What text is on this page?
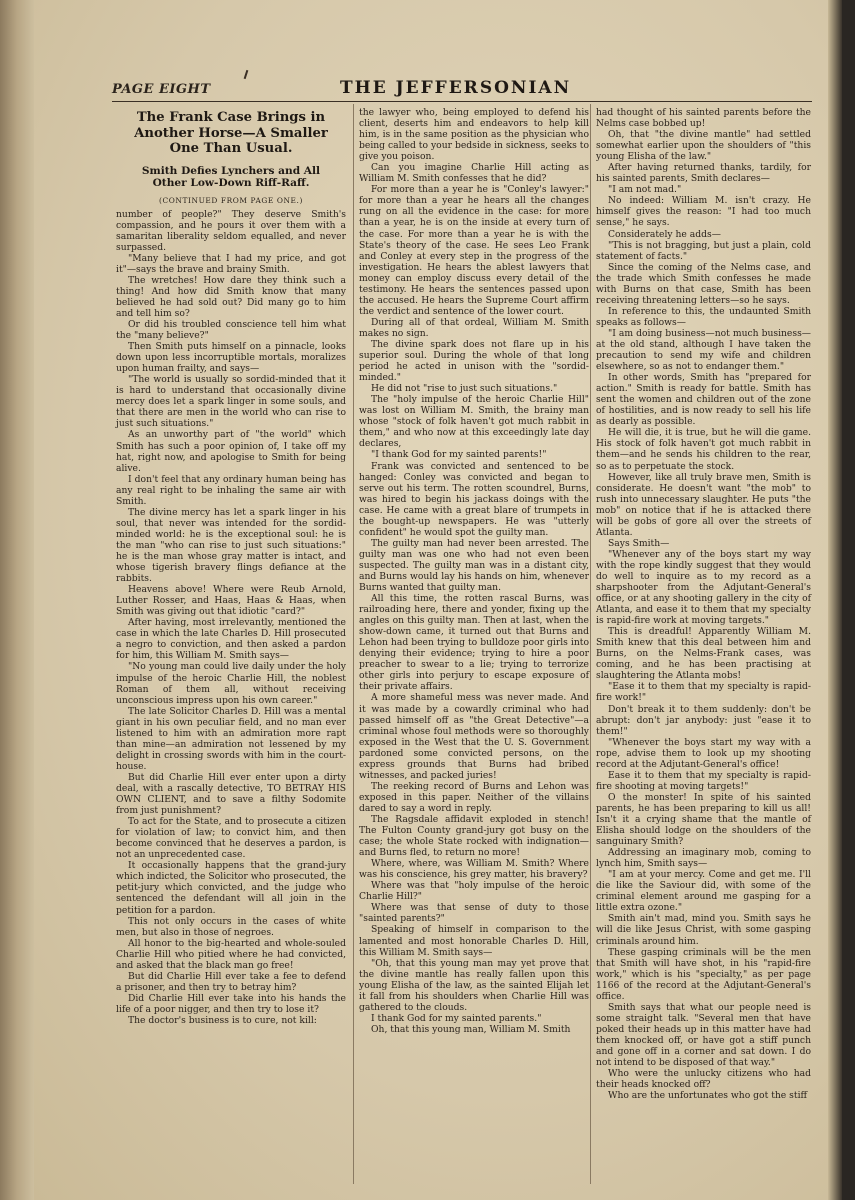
PAGE EIGHT	THE JEFFERSONIAN
The Frank Case Brings in Another Horse—A Smaller One Than Usual.
Smith Defies Lynchers and All Other Low-Down Riff-Raff.
(CONTINUED FROM PAGE ONE.)

number of people?" They deserve Smith's compassion, and he pours it over them with a samaritan liberality seldom equalled, and never surpassed.

"Many believe that I had my price, and got it"—says the brave and brainy Smith.

The wretches! How dare they think such a thing! And how did Smith know that many believed he had sold out? Did many go to him and tell him so?

Or did his troubled conscience tell him what the "many believe?"

Then Smith puts himself on a pinnacle, looks down upon less incorruptible mortals, moralizes upon human frailty, and says—

"The world is usually so sordid-minded that it is hard to understand that occasionally divine mercy does let a spark linger in some souls, and that there are men in the world who can rise to just such situations."

As an unworthy part of "the world" which Smith has such a poor opinion of, I take off my hat, right now, and apologise to Smith for being alive.

I don't feel that any ordinary human being has any real right to be inhaling the same air with Smith.

The divine mercy has let a spark linger in his soul, that never was intended for the sordid-minded world: he is the exceptional soul: he is the man "who can rise to just such situations:" he is the man whose gray matter is intact, and whose tigerish bravery flings defiance at the rabbits.

Heavens above! Where were Reub Arnold, Luther Rosser, and Haas, Haas & Haas, when Smith was giving out that idiotic "card?"

After having, most irrelevantly, mentioned the case in which the late Charles D. Hill prosecuted a negro to conviction, and then asked a pardon for him, this William M. Smith says—

"No young man could live daily under the holy impulse of the heroic Charlie Hill, the noblest Roman of them all, without receiving unconscious impress upon his own career."

The late Solicitor Charles D. Hill was a mental giant in his own peculiar field, and no man ever listened to him with an admiration more rapt than mine—an admiration not lessened by my delight in crossing swords with him in the court-house.

But did Charlie Hill ever enter upon a dirty deal, with a rascally detective, TO BETRAY HIS OWN CLIENT, and to save a filthy Sodomite from just punishment?

To act for the State, and to prosecute a citizen for violation of law; to convict him, and then become convinced that he deserves a pardon, is not an unprecedented case.

It occasionally happens that the grand-jury which indicted, the Solicitor who prosecuted, the petit-jury which convicted, and the judge who sentenced the defendant will all join in the petition for a pardon.

This not only occurs in the cases of white men, but also in those of negroes.

All honor to the big-hearted and whole-souled Charlie Hill who pitied where he had convicted, and asked that the black man go free!

But did Charlie Hill ever take a fee to defend a prisoner, and then try to betray him?

Did Charlie Hill ever take into his hands the life of a poor nigger, and then try to lose it?

The doctor's business is to cure, not kill:

the lawyer who, being employed to defend his client, deserts him and endeavors to help kill him, is in the same position as the physician who being called to your bedside in sickness, seeks to give you poison.

Can you imagine Charlie Hill acting as William M. Smith confesses that he did?

For more than a year he is "Conley's lawyer:" for more than a year he hears all the changes rung on all the evidence in the case: for more than a year, he is on the inside at every turn of the case. For more than a year he is with the State's theory of the case. He sees Leo Frank and Conley at every step in the progress of the investigation. He hears the ablest lawyers that money can employ discuss every detail of the testimony. He hears the sentences passed upon the accused. He hears the Supreme Court affirm the verdict and sentence of the lower court.

During all of that ordeal, William M. Smith makes no sign.

The divine spark does not flare up in his superior soul. During the whole of that long period he acted in unison with the "sordid-minded."

He did not "rise to just such situations."

The "holy impulse of the heroic Charlie Hill" was lost on William M. Smith, the brainy man whose "stock of folk haven't got much rabbit in them," and who now at this exceedingly late day declares,

"I thank God for my sainted parents!"

Frank was convicted and sentenced to be hanged: Conley was convicted and began to serve out his term. The rotten scoundrel, Burns, was hired to begin his jackass doings with the case. He came with a great blare of trumpets in the bought-up newspapers. He was "utterly confident" he would spot the guilty man.

The guilty man had never been arrested. The guilty man was one who had not even been suspected. The guilty man was in a distant city, and Burns would lay his hands on him, whenever Burns wanted that guilty man.

All this time, the rotten rascal Burns, was railroading here, there and yonder, fixing up the angles on this guilty man. Then at last, when the show-down came, it turned out that Burns and Lehon had been trying to bulldoze poor girls into denying their evidence; trying to hire a poor preacher to swear to a lie; trying to terrorize other girls into perjury to escape exposure of their private affairs.

A more shameful mess was never made. And it was made by a cowardly criminal who had passed himself off as "the Great Detective"—a criminal whose foul methods were so thoroughly exposed in the West that the U. S. Government pardoned some convicted persons, on the express grounds that Burns had bribed witnesses, and packed juries!

The reeking record of Burns and Lehon was exposed in this paper. Neither of the villains dared to say a word in reply.

The Ragsdale affidavit exploded in stench! The Fulton County grand-jury got busy on the case; the whole State rocked with indignation—and Burns fled, to return no more!

Where, where, was William M. Smith? Where was his conscience, his grey matter, his bravery?

Where was that "holy impulse of the heroic Charlie Hill?"

Where was that sense of duty to those "sainted parents?"

Speaking of himself in comparison to the lamented and most honorable Charles D. Hill, this William M. Smith says—

"Oh, that this young man may yet prove that the divine mantle has really fallen upon this young Elisha of the law, as the sainted Elijah let it fall from his shoulders when Charlie Hill was gathered to the clouds.

I thank God for my sainted parents."

Oh, that this young man, William M. Smith

had thought of his sainted parents before the Nelms case bobbed up!

Oh, that "the divine mantle" had settled somewhat earlier upon the shoulders of "this young Elisha of the law."

After having returned thanks, tardily, for his sainted parents, Smith declares—

"I am not mad."

No indeed: William M. isn't crazy. He himself gives the reason: "I had too much sense," he says.

Considerately he adds—

"This is not bragging, but just a plain, cold statement of facts."

Since the coming of the Nelms case, and the trade which Smith confesses he made with Burns on that case, Smith has been receiving threatening letters—so he says.

In reference to this, the undaunted Smith speaks as follows—

"I am doing business—not much business—at the old stand, although I have taken the precaution to send my wife and children elsewhere, so as not to endanger them."

In other words, Smith has "prepared for action." Smith is ready for battle. Smith has sent the women and children out of the zone of hostilities, and is now ready to sell his life as dearly as possible.

He will die, it is true, but he will die game. His stock of folk haven't got much rabbit in them—and he sends his children to the rear, so as to perpetuate the stock.

However, like all truly brave men, Smith is considerate. He doesn't want "the mob" to rush into unnecessary slaughter. He puts "the mob" on notice that if he is attacked there will be gobs of gore all over the streets of Atlanta.

Says Smith—

"Whenever any of the boys start my way with the rope kindly suggest that they would do well to inquire as to my record as a sharpshooter from the Adjutant-General's office, or at any shooting gallery in the city of Atlanta, and ease it to them that my specialty is rapid-fire work at moving targets."

This is dreadful! Apparently William M. Smith knew that this deal between him and Burns, on the Nelms-Frank cases, was coming, and he has been practising at slaughtering the Atlanta mobs!

"Ease it to them that my specialty is rapid-fire work!"

Don't break it to them suddenly: don't be abrupt: don't jar anybody: just "ease it to them!"

"Whenever the boys start my way with a rope, advise them to look up my shooting record at the Adjutant-General's office!

Ease it to them that my specialty is rapid-fire shooting at moving targets!"

O the monster! In spite of his sainted parents, he has been preparing to kill us all! Isn't it a crying shame that the mantle of Elisha should lodge on the shoulders of the sanguinary Smith?

Addressing an imaginary mob, coming to lynch him, Smith says—

"I am at your mercy. Come and get me. I'll die like the Saviour did, with some of the criminal element around me gasping for a little extra ozone."

Smith ain't mad, mind you. Smith says he will die like Jesus Christ, with some gasping criminals around him.

These gasping criminals will be the men that Smith will have shot, in his "rapid-fire work," which is his "specialty," as per page 1166 of the record at the Adjutant-General's office.

Smith says that what our people need is some straight talk. "Several men that have poked their heads up in this matter have had them knocked off, or have got a stiff punch and gone off in a corner and sat down. I do not intend to be disposed of that way."

Who were the unlucky citizens who had their heads knocked off?

Who are the unfortunates who got the stiff
